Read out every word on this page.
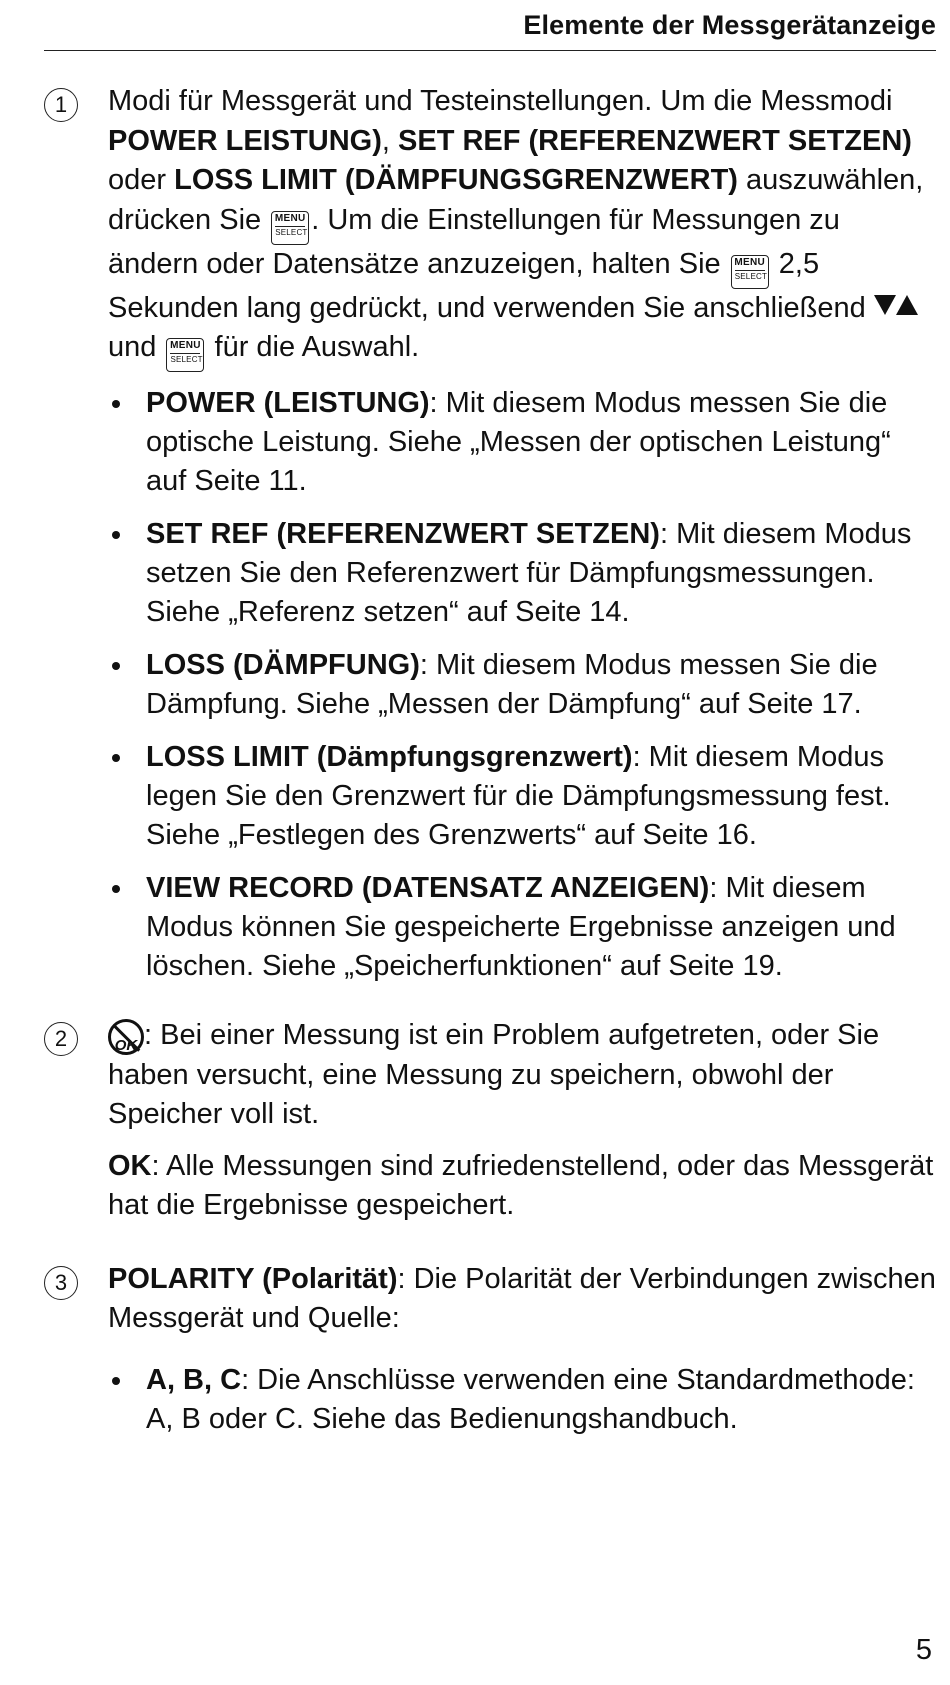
Elemente der Messgerätanzeige
1	Modi für Messgerät und Testeinstellungen. Um die Messmodi POWER LEISTUNG), SET REF (REFERENZWERT SETZEN) oder LOSS LIMIT (DÄMPFUNGSGRENZWERT) auszuwählen, drücken Sie MENU
SELECT . Um die Einstellungen für Messungen zu ändern oder Datensätze anzuzeigen, halten Sie MENU
SELECT 2,5 Sekunden lang gedrückt, und verwenden Sie anschließend  und MENU
SELECT für die Auswahl.

POWER (LEISTUNG): Mit diesem Modus messen Sie die optische Leistung. Siehe „Messen der optischen Leistung“ auf Seite 11.

SET REF (REFERENZWERT SETZEN): Mit diesem Modus setzen Sie den Referenzwert für Dämpfungsmessungen. Siehe „Referenz setzen“ auf Seite 14.

LOSS (DÄMPFUNG): Mit diesem Modus messen Sie die Dämpfung. Siehe „Messen der Dämpfung“ auf Seite 17.

LOSS LIMIT (Dämpfungsgrenzwert): Mit diesem Modus legen Sie den Grenzwert für die Dämpfungsmessung fest. Siehe „Festlegen des Grenzwerts“ auf Seite 16.

VIEW RECORD (DATENSATZ ANZEIGEN): Mit diesem Modus können Sie gespeicherte Ergebnisse anzeigen und löschen. Siehe „Speicherfunktionen“ auf Seite 19.

2	OK : Bei einer Messung ist ein Problem aufgetreten, oder Sie haben versucht, eine Messung zu speichern, obwohl der Speicher voll ist.

OK: Alle Messungen sind zufriedenstellend, oder das Messgerät hat die Ergebnisse gespeichert.

3	POLARITY (Polarität): Die Polarität der Verbindungen zwischen Messgerät und Quelle:

A, B, C: Die Anschlüsse verwenden eine Standardmethode: A, B oder C. Siehe das Bedienungshandbuch.

5
